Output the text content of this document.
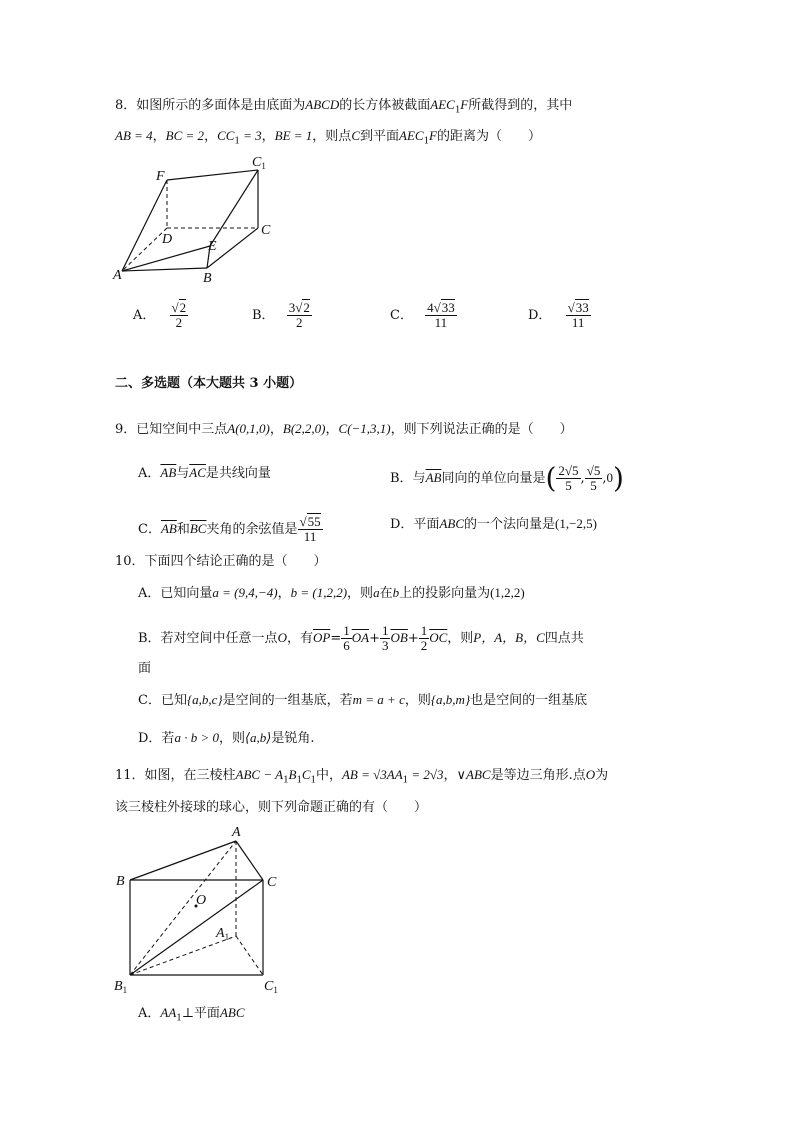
8．如图所示的多面体是由底面为ABCD的长方体被截面$AEC_1F$所截得到的，其中
AB = 4，BC = 2，$CC_1 = 3$，BE = 1，则点C到平面$AEC_1F$的距离为（　　）
F
$C_1$
D
C
E
A	B
A． $\frac{√2}{2}$	B． $\frac{3√2}{2}$	C． $\frac{4√33}{11}$	D． $\frac{√33}{11}$
二、多选题（本大题共 3 小题）
9．已知空间中三点A(0,1,0)，B(2,2,0)，C(−1,3,1)，则下列说法正确的是（　　）
A．$\overline{AB}$与$\overline{AC}$是共线向量	B．与$\overline{AB}$同向的单位向量是( $\frac{2√5}{5}$ , $\frac{√5}{5} ,0$)
C．$\overline{AB}$和$\overline{BC}$夹角的余弦值是 $\frac{√55}{11}$	D．平面ABC的一个法向量是(1,−2,5)
10．下面四个结论正确的是（　　）
A．已知向量a = (9,4,−4)，b = (1,2,2)，则a在b上的投影向量为(1,2,2)
B．若对空间中任意一点O，有$\overline{OP}= \frac{1}{6} \overline{OA}+ \frac{1}{3} \overline{OB}+ \frac{1}{2} \overline{OC}$，则P，A，B，C四点共
面
C．已知{a,b,c}是空间的一组基底，若m = a + c，则{a,b,m}也是空间的一组基底
D．若a · b > 0，则⟨a,b⟩是锐角.
11．如图，在三棱柱ABC − $A_1B_1C_1$中，AB = $√3AA_1 = 2√3$，∨ABC是等边三角形.点O为
该三棱柱外接球的球心，则下列命题正确的有（　　）
A
B	C
O
$A_1$
$B_1$	$C_1$
A．$AA_1\perp$平面ABC
